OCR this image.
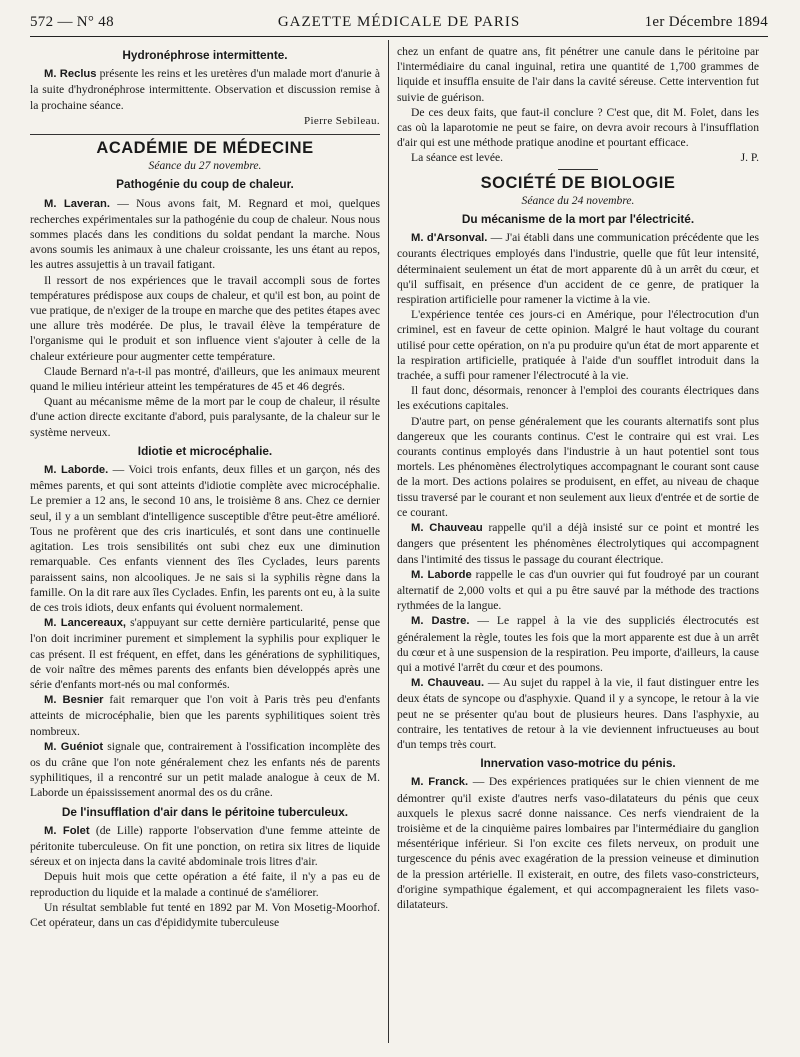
572 — N° 48	GAZETTE MÉDICALE DE PARIS	1er Décembre 1894
Hydronéphrose intermittente.

M. Reclus présente les reins et les uretères d'un malade mort d'anurie à la suite d'hydronéphrose intermittente. Observation et discussion remise à la prochaine séance.

Pierre Sebileau.
ACADÉMIE DE MÉDECINE
Séance du 27 novembre.
Pathogénie du coup de chaleur.

M. Laveran. — Nous avons fait, M. Regnard et moi, quelques recherches expérimentales sur la pathogénie du coup de chaleur. Nous nous sommes placés dans les conditions du soldat pendant la marche. Nous avons soumis les animaux à une chaleur croissante, les uns étant au repos, les autres assujettis à un travail fatigant.

Il ressort de nos expériences que le travail accompli sous de fortes températures prédispose aux coups de chaleur, et qu'il est bon, au point de vue pratique, de n'exiger de la troupe en marche que des petites étapes avec une allure très modérée. De plus, le travail élève la température de l'organisme qui le produit et son influence vient s'ajouter à celle de la chaleur extérieure pour augmenter cette température.

Claude Bernard n'a-t-il pas montré, d'ailleurs, que les animaux meurent quand le milieu intérieur atteint les températures de 45 et 46 degrés.

Quant au mécanisme même de la mort par le coup de chaleur, il résulte d'une action directe excitante d'abord, puis paralysante, de la chaleur sur le système nerveux.

Idiotie et microcéphalie.

M. Laborde. — Voici trois enfants, deux filles et un garçon, nés des mêmes parents, et qui sont atteints d'idiotie complète avec microcéphalie. Le premier a 12 ans, le second 10 ans, le troisième 8 ans. Chez ce dernier seul, il y a un semblant d'intelligence susceptible d'être peut-être amélioré. Tous ne profèrent que des cris inarticulés, et sont dans une continuelle agitation. Les trois sensibilités ont subi chez eux une diminution remarquable. Ces enfants viennent des îles Cyclades, leurs parents paraissent sains, non alcooliques. Je ne sais si la syphilis règne dans la famille. On la dit rare aux îles Cyclades. Enfin, les parents ont eu, à la suite de ces trois idiots, deux enfants qui évoluent normalement.

M. Lancereaux, s'appuyant sur cette dernière particularité, pense que l'on doit incriminer purement et simplement la syphilis pour expliquer le cas présent. Il est fréquent, en effet, dans les générations de syphilitiques, de voir naître des mêmes parents des enfants bien développés après une série d'enfants mort-nés ou mal conformés.

M. Besnier fait remarquer que l'on voit à Paris très peu d'enfants atteints de microcéphalie, bien que les parents syphilitiques soient très nombreux.

M. Guéniot signale que, contrairement à l'ossification incomplète des os du crâne que l'on note généralement chez les enfants nés de parents syphilitiques, il a rencontré sur un petit malade analogue à ceux de M. Laborde un épaississement anormal des os du crâne.

De l'insufflation d'air dans le péritoine tuberculeux.

M. Folet (de Lille) rapporte l'observation d'une femme atteinte de péritonite tuberculeuse. On fit une ponction, on retira six litres de liquide séreux et on injecta dans la cavité abdominale trois litres d'air.

Depuis huit mois que cette opération a été faite, il n'y a pas eu de reproduction du liquide et la malade a continué de s'améliorer.

Un résultat semblable fut tenté en 1892 par M. Von Mosetig-Moorhof. Cet opérateur, dans un cas d'épididymite tuberculeuse

chez un enfant de quatre ans, fit pénétrer une canule dans le péritoine par l'intermédiaire du canal inguinal, retira une quantité de 1,700 grammes de liquide et insuffla ensuite de l'air dans la cavité séreuse. Cette intervention fut suivie de guérison.

De ces deux faits, que faut-il conclure ? C'est que, dit M. Folet, dans les cas où la laparotomie ne peut se faire, on devra avoir recours à l'insufflation d'air qui est une méthode pratique anodine et pourtant efficace.

La séance est levée.	J. P.

SOCIÉTÉ DE BIOLOGIE
Séance du 24 novembre.
Du mécanisme de la mort par l'électricité.

M. d'Arsonval. — J'ai établi dans une communication précédente que les courants électriques employés dans l'industrie, quelle que fût leur intensité, déterminaient seulement un état de mort apparente dû à un arrêt du cœur, et qu'il suffisait, en présence d'un accident de ce genre, de pratiquer la respiration artificielle pour ramener la victime à la vie.

L'expérience tentée ces jours-ci en Amérique, pour l'électrocution d'un criminel, est en faveur de cette opinion. Malgré le haut voltage du courant utilisé pour cette opération, on n'a pu produire qu'un état de mort apparente et la respiration artificielle, pratiquée à l'aide d'un soufflet introduit dans la trachée, a suffi pour ramener l'électrocuté à la vie.

Il faut donc, désormais, renoncer à l'emploi des courants électriques dans les exécutions capitales.

D'autre part, on pense généralement que les courants alternatifs sont plus dangereux que les courants continus. C'est le contraire qui est vrai. Les courants continus employés dans l'industrie à un haut potentiel sont tous mortels. Les phénomènes électrolytiques accompagnant le courant sont cause de la mort. Des actions polaires se produisent, en effet, au niveau de chaque tissu traversé par le courant et non seulement aux lieux d'entrée et de sortie de ce courant.

M. Chauveau rappelle qu'il a déjà insisté sur ce point et montré les dangers que présentent les phénomènes électrolytiques qui accompagnent dans l'intimité des tissus le passage du courant électrique.

M. Laborde rappelle le cas d'un ouvrier qui fut foudroyé par un courant alternatif de 2,000 volts et qui a pu être sauvé par la méthode des tractions rythmées de la langue.

M. Dastre. — Le rappel à la vie des suppliciés électrocutés est généralement la règle, toutes les fois que la mort apparente est due à un arrêt du cœur et à une suspension de la respiration. Peu importe, d'ailleurs, la cause qui a motivé l'arrêt du cœur et des poumons.

M. Chauveau. — Au sujet du rappel à la vie, il faut distinguer entre les deux états de syncope ou d'asphyxie. Quand il y a syncope, le retour à la vie peut ne se présenter qu'au bout de plusieurs heures. Dans l'asphyxie, au contraire, les tentatives de retour à la vie deviennent infructueuses au bout d'un temps très court.

Innervation vaso-motrice du pénis.

M. Franck. — Des expériences pratiquées sur le chien viennent de me démontrer qu'il existe d'autres nerfs vaso-dilatateurs du pénis que ceux auxquels le plexus sacré donne naissance. Ces nerfs viendraient de la troisième et de la cinquième paires lombaires par l'intermédiaire du ganglion mésentérique inférieur. Si l'on excite ces filets nerveux, on produit une turgescence du pénis avec exagération de la pression veineuse et diminution de la pression artérielle. Il existerait, en outre, des filets vaso-constricteurs, d'origine sympathique également, et qui accompagneraient les filets vaso-dilatateurs.
